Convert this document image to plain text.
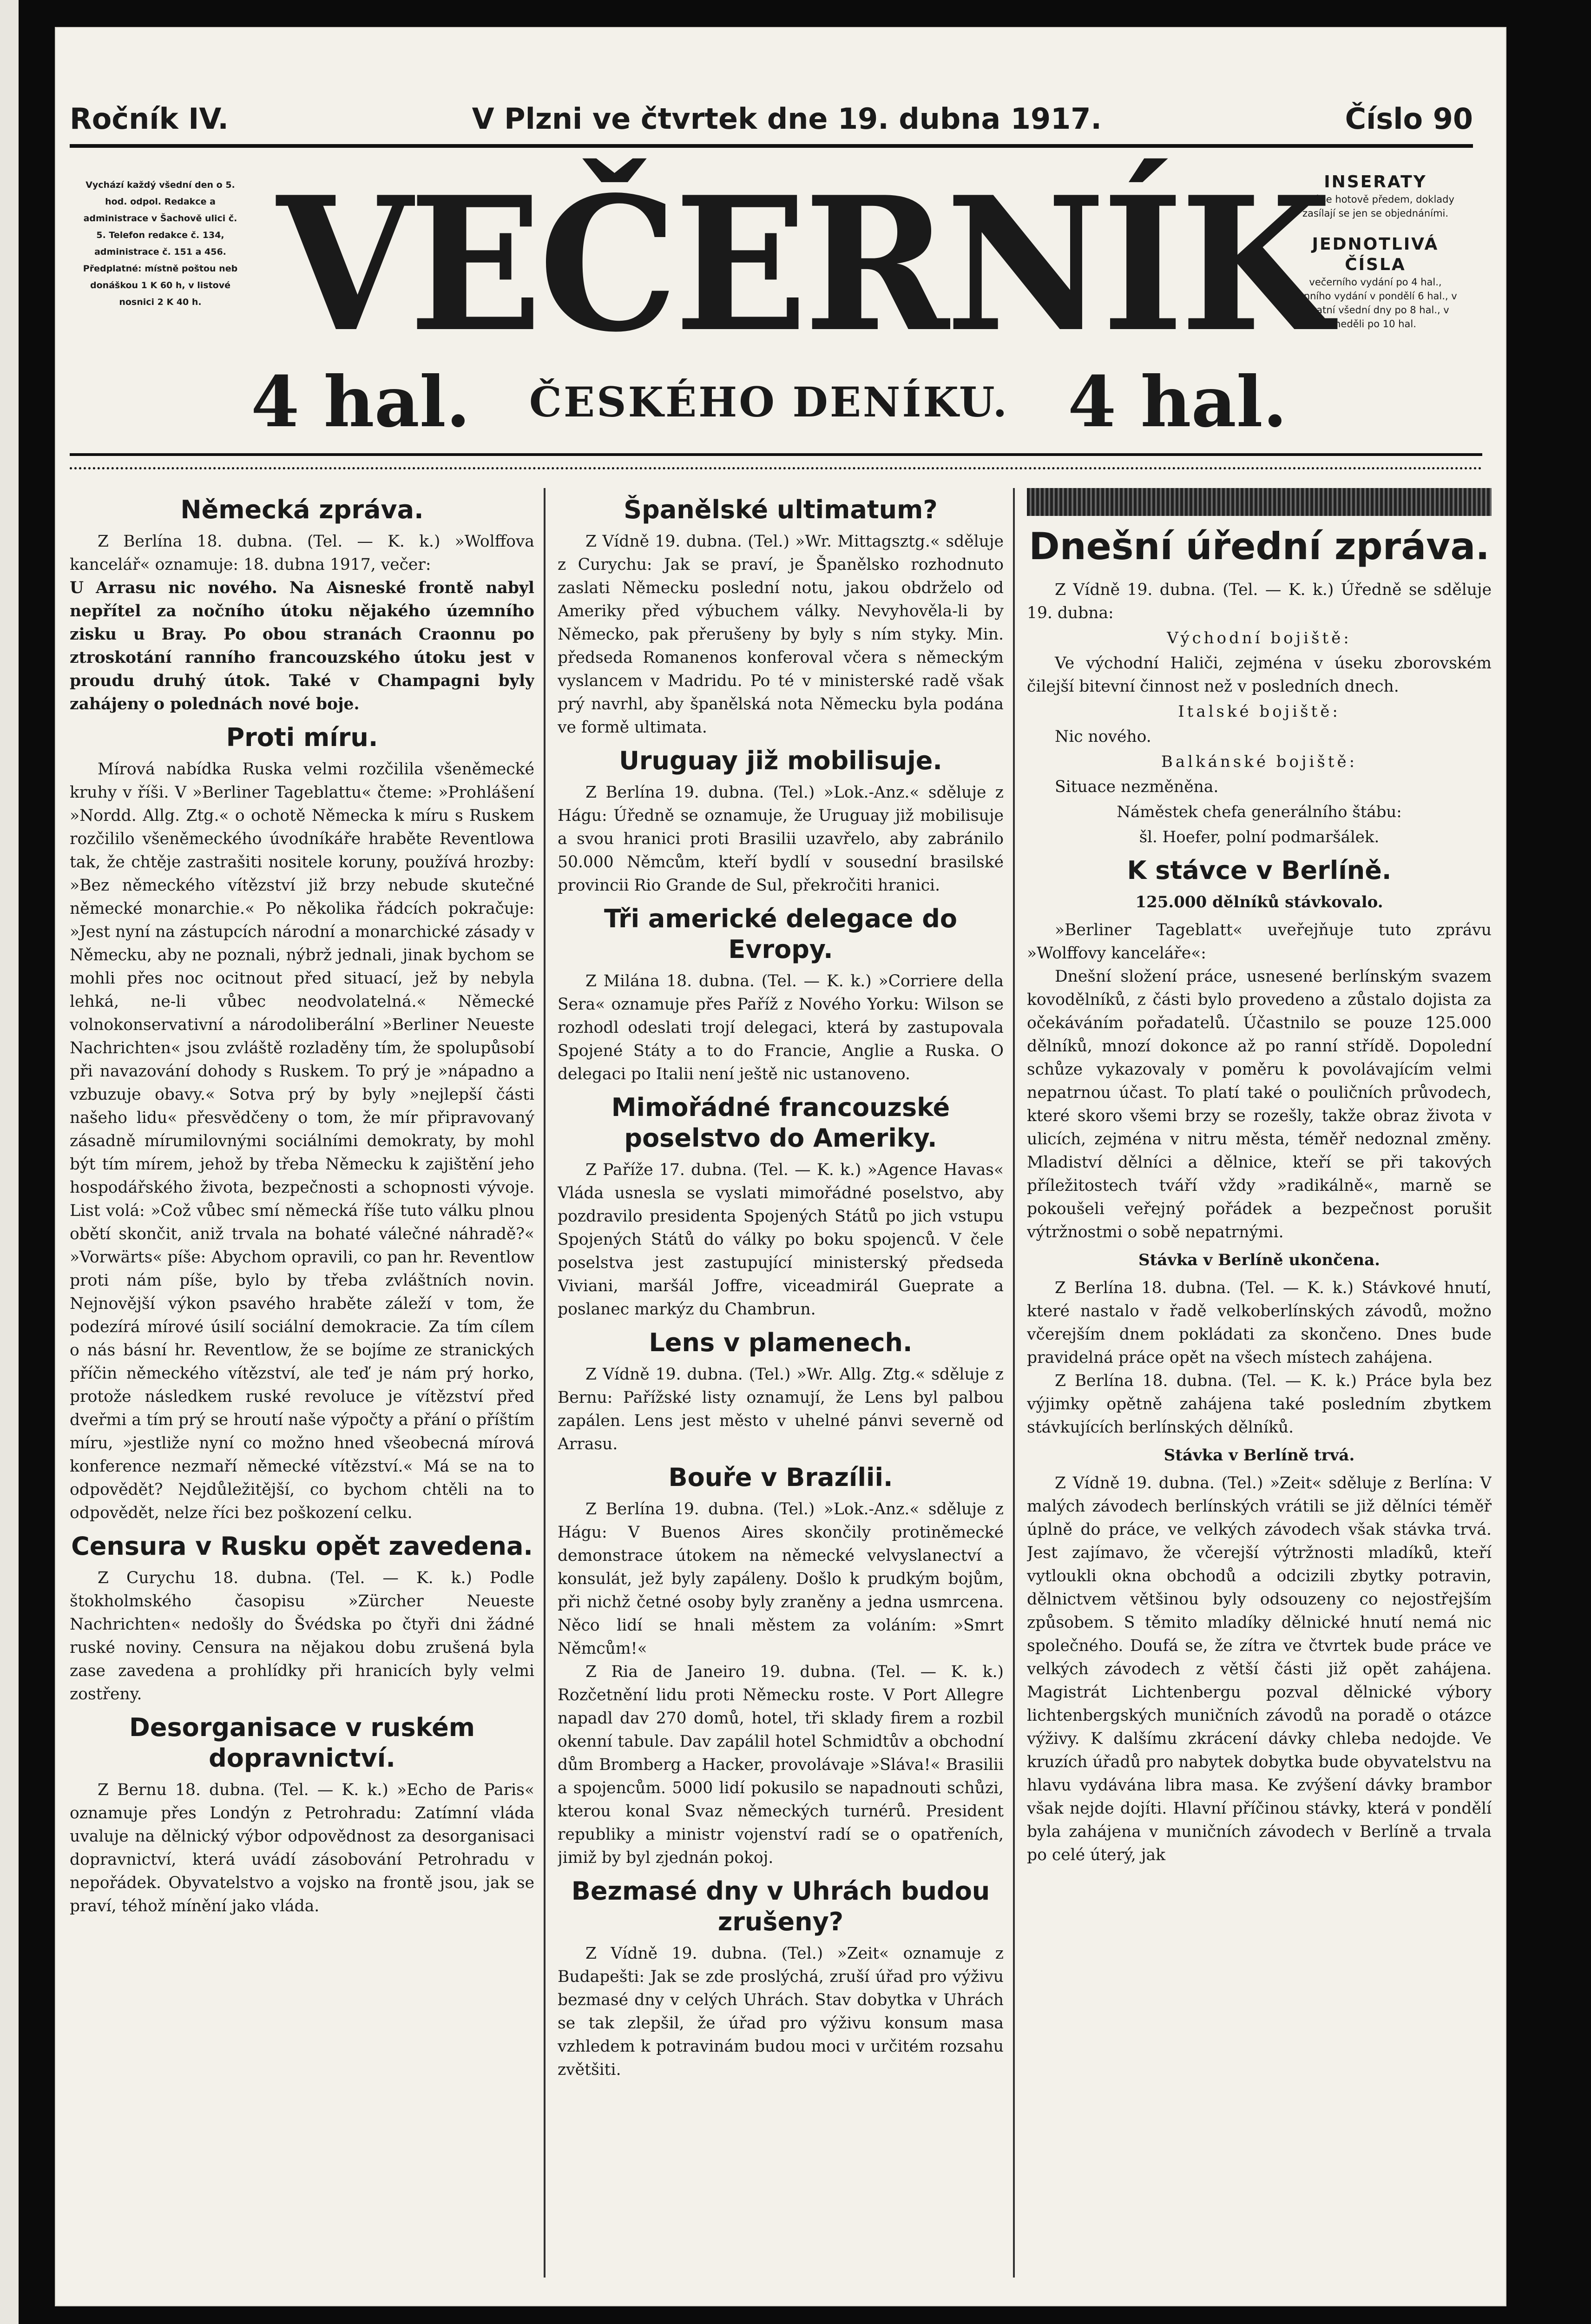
Ročník IV.	V Plzni ve čtvrtek dne 19. dubna 1917.	Číslo 90
Vychází každý všední den o 5. hod. odpol. Redakce a administrace v Šachově ulici č. 5. Telefon redakce č. 134, administrace č. 151 a 456. Předplatné: místně poštou neb donáškou 1 K 60 h, v listové nosnici 2 K 40 h. VEČERNÍK
4 hal. ČESKÉHO DENÍKU. 4 hal.
INSERATY
platí se hotově předem, doklady zasílají se jen se objednáními.
JEDNOTLIVÁ ČÍSLA
večerního vydání po 4 hal., ranního vydání v pondělí 6 hal., v ostatní všední dny po 8 hal., v neděli po 10 hal.
Německá zpráva.

Z Berlína 18. dubna. (Tel. — K. k.) »Wolffova kancelář« oznamuje: 18. dubna 1917, večer:

U Arrasu nic nového. Na Aisneské frontě nabyl nepřítel za nočního útoku nějakého územního zisku u Bray. Po obou stranách Craonnu po ztroskotání ranního francouzského útoku jest v proudu druhý útok. Také v Champagni byly zahájeny o polednách nové boje.

Proti míru.

Mírová nabídka Ruska velmi rozčilila všeněmecké kruhy v říši. V »Berliner Tageblattu« čteme: »Prohlášení »Nordd. Allg. Ztg.« o ochotě Německa k míru s Ruskem rozčililo všeněmeckého úvodníkáře hraběte Reventlowa tak, že chtěje zastrašiti nositele koruny, používá hrozby: »Bez německého vítězství již brzy nebude skutečné německé monarchie.« Po několika řádcích pokračuje: »Jest nyní na zástupcích národní a monarchické zásady v Německu, aby ne poznali, nýbrž jednali, jinak bychom se mohli přes noc ocitnout před situací, jež by nebyla lehká, ne-li vůbec neodvolatelná.« Německé volnokonservativní a národoliberální »Berliner Neueste Nachrichten« jsou zvláště rozladěny tím, že spolupůsobí při navazování dohody s Ruskem. To prý je »nápadno a vzbuzuje obavy.« Sotva prý by byly »nejlepší části našeho lidu« přesvědčeny o tom, že mír připravovaný zásadně mírumilovnými sociálními demokraty, by mohl být tím mírem, jehož by třeba Německu k zajištění jeho hospodářského života, bezpečnosti a schopnosti vývoje. List volá: »Což vůbec smí německá říše tuto válku plnou obětí skončit, aniž trvala na bohaté válečné náhradě?« »Vorwärts« píše: Abychom opravili, co pan hr. Reventlow proti nám píše, bylo by třeba zvláštních novin. Nejnovější výkon psavého hraběte záleží v tom, že podezírá mírové úsilí sociální demokracie. Za tím cílem o nás básní hr. Reventlow, že se bojíme ze stranických příčin německého vítězství, ale teď je nám prý horko, protože následkem ruské revoluce je vítězství před dveřmi a tím prý se hroutí naše výpočty a přání o příštím míru, »jestliže nyní co možno hned všeobecná mírová konference nezmaří německé vítězství.« Má se na to odpovědět? Nejdůležitější, co bychom chtěli na to odpovědět, nelze říci bez poškození celku.

Censura v Rusku opět zavedena.

Z Curychu 18. dubna. (Tel. — K. k.) Podle štokholmského časopisu »Zürcher Neueste Nachrichten« nedošly do Švédska po čtyři dni žádné ruské noviny. Censura na nějakou dobu zrušená byla zase zavedena a prohlídky při hranicích byly velmi zostřeny.

Desorganisace v ruském dopravnictví.

Z Bernu 18. dubna. (Tel. — K. k.) »Echo de Paris« oznamuje přes Londýn z Petrohradu: Zatímní vláda uvaluje na dělnický výbor odpovědnost za desorganisaci dopravnictví, která uvádí zásobování Petrohradu v nepořádek. Obyvatelstvo a vojsko na frontě jsou, jak se praví, téhož mínění jako vláda.

Španělské ultimatum?

Z Vídně 19. dubna. (Tel.) »Wr. Mittagsztg.« sděluje z Curychu: Jak se praví, je Španělsko rozhodnuto zaslati Německu poslední notu, jakou obdrželo od Ameriky před výbuchem války. Nevyhověla-li by Německo, pak přerušeny by byly s ním styky. Min. předseda Romanenos konferoval včera s německým vyslancem v Madridu. Po té v ministerské radě však prý navrhl, aby španělská nota Německu byla podána ve formě ultimata.

Uruguay již mobilisuje.

Z Berlína 19. dubna. (Tel.) »Lok.-Anz.« sděluje z Hágu: Úředně se oznamuje, že Uruguay již mobilisuje a svou hranici proti Brasilii uzavřelo, aby zabránilo 50.000 Němcům, kteří bydlí v sousední brasilské provincii Rio Grande de Sul, překročiti hranici.

Tři americké delegace do Evropy.

Z Milána 18. dubna. (Tel. — K. k.) »Corriere della Sera« oznamuje přes Paříž z Nového Yorku: Wilson se rozhodl odeslati trojí delegaci, která by zastupovala Spojené Státy a to do Francie, Anglie a Ruska. O delegaci po Italii není ještě nic ustanoveno.

Mimořádné francouzské poselstvo do Ameriky.

Z Paříže 17. dubna. (Tel. — K. k.) »Agence Havas« Vláda usnesla se vyslati mimořádné poselstvo, aby pozdravilo presidenta Spojených Států po jich vstupu Spojených Států do války po boku spojenců. V čele poselstva jest zastupující ministerský předseda Viviani, maršál Joffre, viceadmirál Gueprate a poslanec markýz du Chambrun.

Lens v plamenech.

Z Vídně 19. dubna. (Tel.) »Wr. Allg. Ztg.« sděluje z Bernu: Pařížské listy oznamují, že Lens byl palbou zapálen. Lens jest město v uhelné pánvi severně od Arrasu.

Bouře v Brazílii.

Z Berlína 19. dubna. (Tel.) »Lok.-Anz.« sděluje z Hágu: V Buenos Aires skončily protiněmecké demonstrace útokem na německé velvyslanectví a konsulát, jež byly zapáleny. Došlo k prudkým bojům, při nichž četné osoby byly zraněny a jedna usmrcena. Něco lidí se hnali městem za voláním: »Smrt Němcům!«

Z Ria de Janeiro 19. dubna. (Tel. — K. k.) Rozčetnění lidu proti Německu roste. V Port Allegre napadl dav 270 domů, hotel, tři sklady firem a rozbil okenní tabule. Dav zapálil hotel Schmidtův a obchodní dům Bromberg a Hacker, provolávaje »Sláva!« Brasilii a spojencům. 5000 lidí pokusilo se napadnouti schůzi, kterou konal Svaz německých turnérů. President republiky a ministr vojenství radí se o opatřeních, jimiž by byl zjednán pokoj.

Bezmasé dny v Uhrách budou zrušeny?

Z Vídně 19. dubna. (Tel.) »Zeit« oznamuje z Budapešti: Jak se zde proslýchá, zruší úřad pro výživu bezmasé dny v celých Uhrách. Stav dobytka v Uhrách se tak zlepšil, že úřad pro výživu konsum masa vzhledem k potravinám budou moci v určitém rozsahu zvětšiti.

Dnešní úřední zpráva.

Z Vídně 19. dubna. (Tel. — K. k.) Úředně se sděluje 19. dubna:

Východní bojiště:

Ve východní Haliči, zejména v úseku zborovském čilejší bitevní činnost než v posledních dnech.

Italské bojiště:

Nic nového.

Balkánské bojiště:

Situace nezměněna.

Náměstek chefa generálního štábu:
šl. Hoefer, polní podmaršálek.
K stávce v Berlíně.
125.000 dělníků stávkovalo.

»Berliner Tageblatt« uveřejňuje tuto zprávu »Wolffovy kanceláře«:

Dnešní složení práce, usnesené berlínským svazem kovodělníků, z části bylo provedeno a zůstalo dojista za očekáváním pořadatelů. Účastnilo se pouze 125.000 dělníků, mnozí dokonce až po ranní střídě. Dopolední schůze vykazovaly v poměru k povolávajícím velmi nepatrnou účast. To platí také o pouličních průvodech, které skoro všemi brzy se rozešly, takže obraz života v ulicích, zejména v nitru města, téměř nedoznal změny. Mladiství dělníci a dělnice, kteří se při takových příležitostech tváří vždy »radikálně«, marně se pokoušeli veřejný pořádek a bezpečnost porušit výtržnostmi o sobě nepatrnými.

Stávka v Berlíně ukončena.

Z Berlína 18. dubna. (Tel. — K. k.) Stávkové hnutí, které nastalo v řadě velkoberlínských závodů, možno včerejším dnem pokládati za skončeno. Dnes bude pravidelná práce opět na všech místech zahájena.

Z Berlína 18. dubna. (Tel. — K. k.) Práce byla bez výjimky opětně zahájena také posledním zbytkem stávkujících berlínských dělníků.

Stávka v Berlíně trvá.

Z Vídně 19. dubna. (Tel.) »Zeit« sděluje z Berlína: V malých závodech berlínských vrátili se již dělníci téměř úplně do práce, ve velkých závodech však stávka trvá. Jest zajímavo, že včerejší výtržnosti mladíků, kteří vytloukli okna obchodů a odcizili zbytky potravin, dělnictvem většinou byly odsouzeny co nejostřejším způsobem. S těmito mladíky dělnické hnutí nemá nic společného. Doufá se, že zítra ve čtvrtek bude práce ve velkých závodech z větší části již opět zahájena. Magistrát Lichtenbergu pozval dělnické výbory lichtenbergských muničních závodů na poradě o otázce výživy. K dalšímu zkrácení dávky chleba nedojde. Ve kruzích úřadů pro nabytek dobytka bude obyvatelstvu na hlavu vydávána libra masa. Ke zvýšení dávky brambor však nejde dojíti. Hlavní příčinou stávky, která v pondělí byla zahájena v muničních závodech v Berlíně a trvala po celé úterý, jak
